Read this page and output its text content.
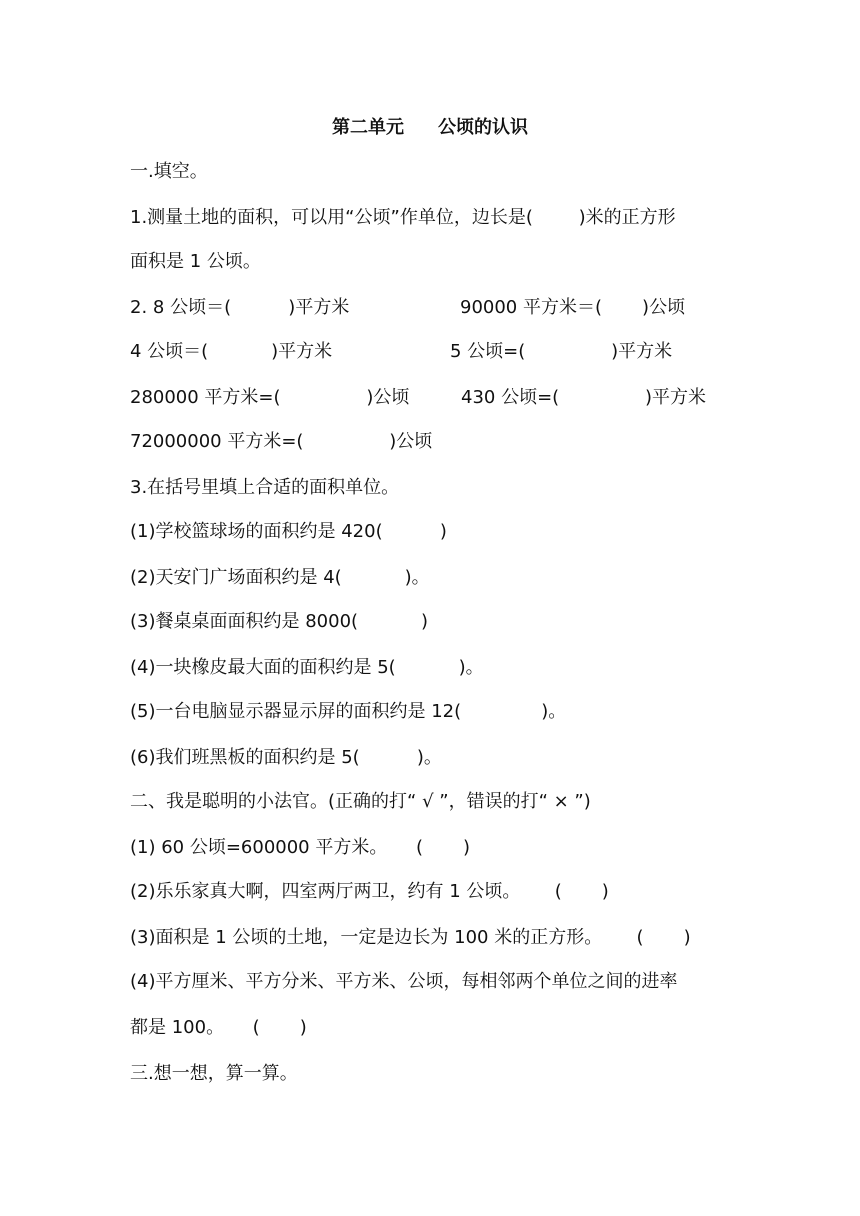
第二单元 公顷的认识
一.填空。
1.测量土地的面积，可以用“公顷”作单位，边长是(        )米的正方形
面积是 1 公顷。
2. 8 公顷＝(          )平方米	90000 平方米＝(       )公顷
4 公顷＝(           )平方米	5 公顷=(               )平方米
280000 平方米=(               )公顷	430 公顷=(               )平方米
72000000 平方米=(               )公顷
3.在括号里填上合适的面积单位。
(1)学校篮球场的面积约是 420(          )
(2)天安门广场面积约是 4(           )。
(3)餐桌桌面面积约是 8000(           )
(4)一块橡皮最大面的面积约是 5(           )。
(5)一台电脑显示器显示屏的面积约是 12(              )。
(6)我们班黑板的面积约是 5(          )。
二、我是聪明的小法官。(正确的打“ √ ”，错误的打“ × ”)
(1) 60 公顷=600000 平方米。     (       )
(2)乐乐家真大啊，四室两厅两卫，约有 1 公顷。      (       )
(3)面积是 1 公顷的土地，一定是边长为 100 米的正方形。      (       )
(4)平方厘米、平方分米、平方米、公顷，每相邻两个单位之间的进率
都是 100。     (       )
三.想一想，算一算。
